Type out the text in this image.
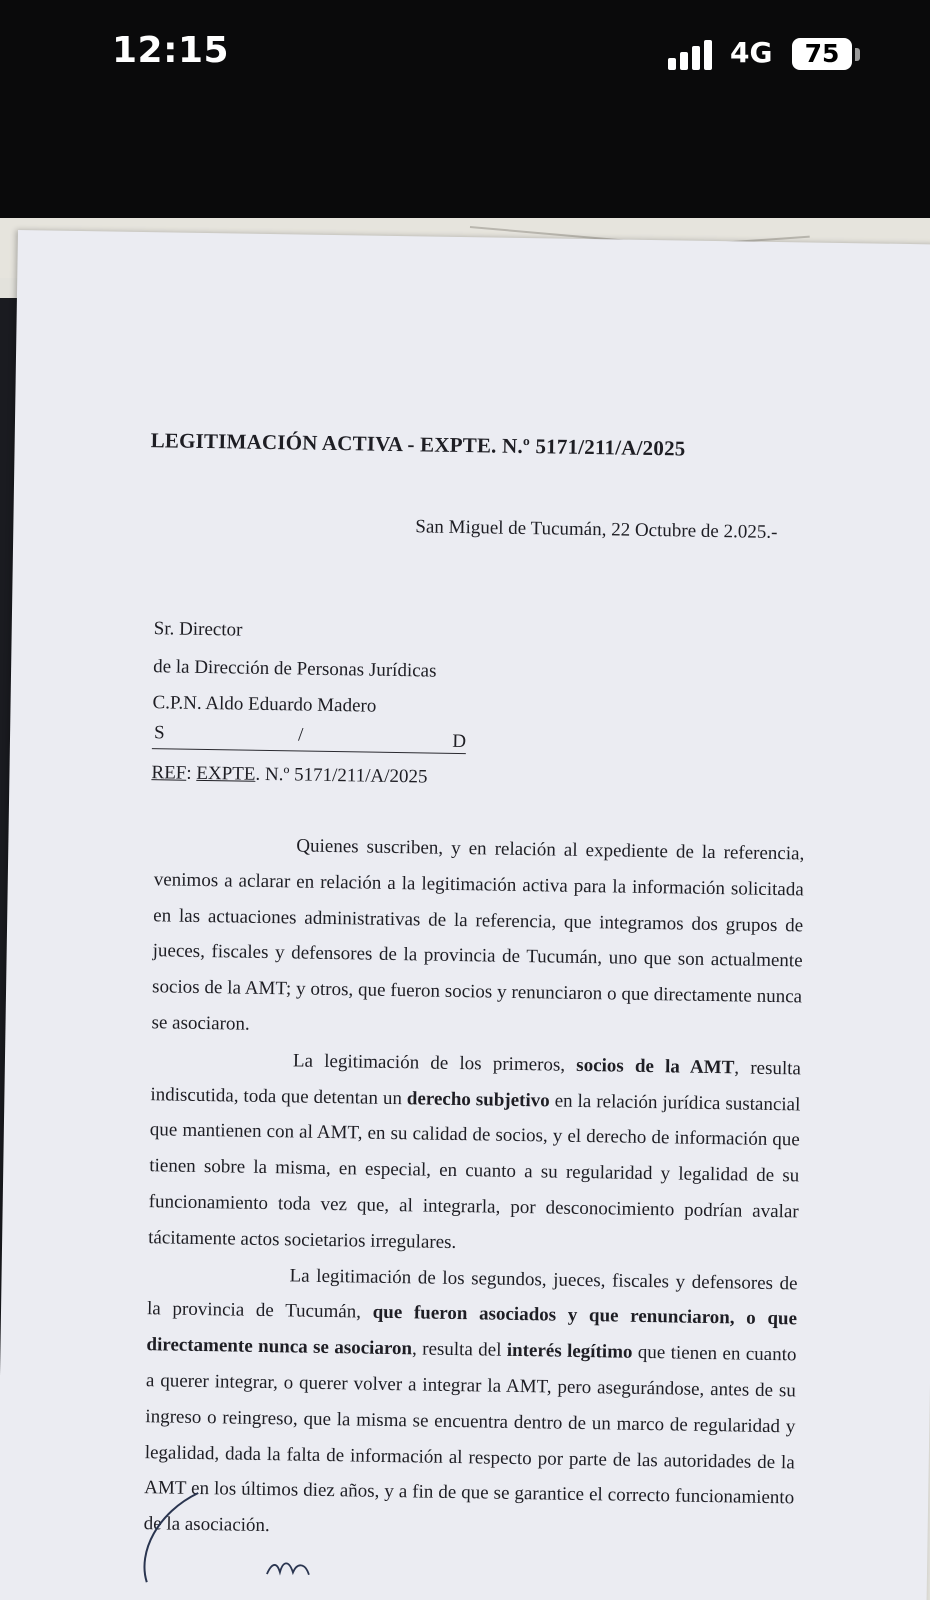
12:15	4G	75
LEGITIMACIÓN ACTIVA - EXPTE. N.º 5171/211/A/2025
San Miguel de Tucumán, 22 Octubre de 2.025.-
Sr. Director
de la Dirección de Personas Jurídicas
C.P.N. Aldo Eduardo Madero
S	/	D
REF: EXPTE. N.º 5171/211/A/2025

Quienes suscriben, y en relación al expediente de la referencia, venimos a aclarar en relación a la legitimación activa para la información solicitada en las actuaciones administrativas de la referencia, que integramos dos grupos de jueces, fiscales y defensores de la provincia de Tucumán, uno que son actualmente socios de la AMT; y otros, que fueron socios y renunciaron o que directamente nunca se asociaron.

La legitimación de los primeros, socios de la AMT, resulta indiscutida, toda que detentan un derecho subjetivo en la relación jurídica sustancial que mantienen con al AMT, en su calidad de socios, y el derecho de información que tienen sobre la misma, en especial, en cuanto a su regularidad y legalidad de su funcionamiento toda vez que, al integrarla, por desconocimiento podrían avalar tácitamente actos societarios irregulares.

La legitimación de los segundos, jueces, fiscales y defensores de la provincia de Tucumán, que fueron asociados y que renunciaron, o que directamente nunca se asociaron, resulta del interés legítimo que tienen en cuanto a querer integrar, o querer volver a integrar la AMT, pero asegurándose, antes de su ingreso o reingreso, que la misma se encuentra dentro de un marco de regularidad y legalidad, dada la falta de información al respecto por parte de las autoridades de la AMT en los últimos diez años, y a fin de que se garantice el correcto funcionamiento de la asociación.
